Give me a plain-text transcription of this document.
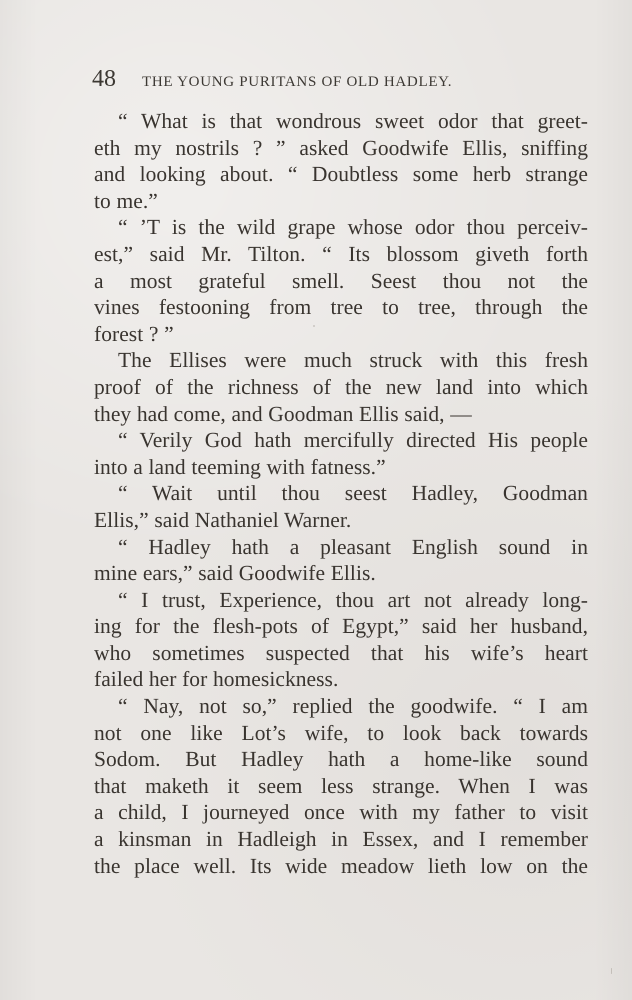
48 THE YOUNG PURITANS OF OLD HADLEY.
“ What is that wondrous sweet odor that greet-
eth my nostrils ? ” asked Goodwife Ellis, sniffing
and looking about. “ Doubtless some herb strange
to me.”
“ ’T is the wild grape whose odor thou perceiv-
est,” said Mr. Tilton. “ Its blossom giveth forth
a most grateful smell. Seest thou not the
vines festooning from tree to tree, through the
forest ? ”
The Ellises were much struck with this fresh
proof of the richness of the new land into which
they had come, and Goodman Ellis said, —
“ Verily God hath mercifully directed His people
into a land teeming with fatness.”
“ Wait until thou seest Hadley, Goodman
Ellis,” said Nathaniel Warner.
“ Hadley hath a pleasant English sound in
mine ears,” said Goodwife Ellis.
“ I trust, Experience, thou art not already long-
ing for the flesh-pots of Egypt,” said her husband,
who sometimes suspected that his wife’s heart
failed her for homesickness.
“ Nay, not so,” replied the goodwife. “ I am
not one like Lot’s wife, to look back towards
Sodom. But Hadley hath a home-like sound
that maketh it seem less strange. When I was
a child, I journeyed once with my father to visit
a kinsman in Hadleigh in Essex, and I remember
the place well. Its wide meadow lieth low on the
